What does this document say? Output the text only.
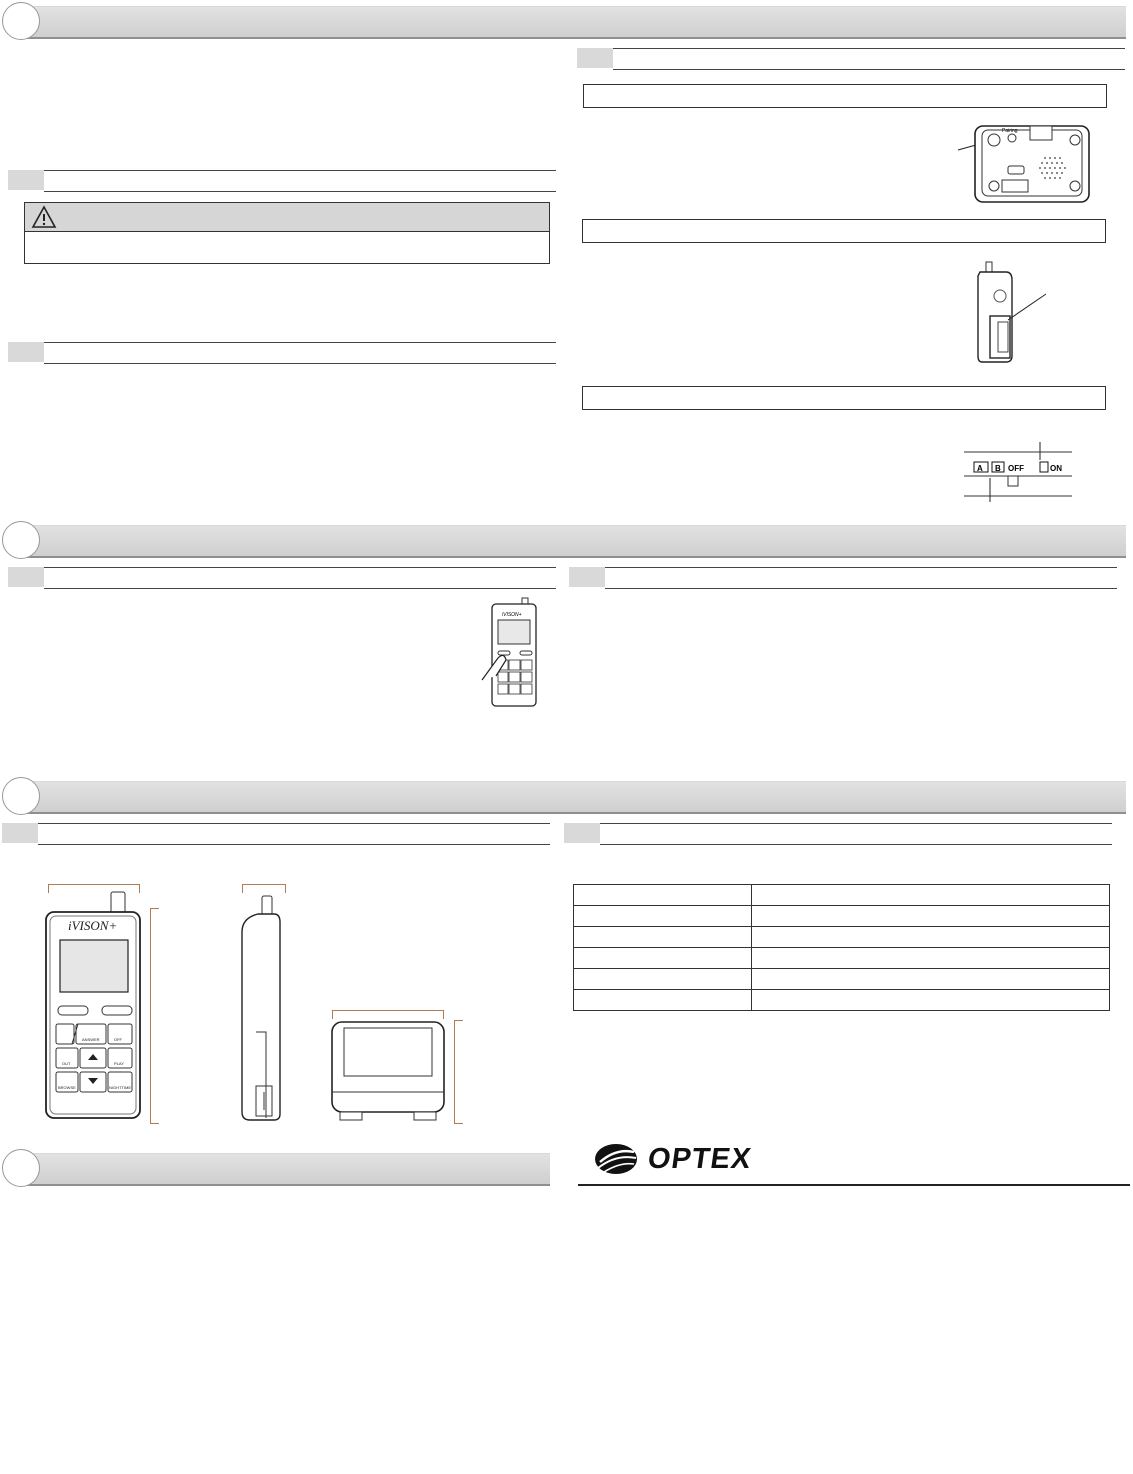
Pairing
A B OFF	ON
iVISON+
iVISON+
ANSWER	OFF
OUT	PLAY
BROWSE	NIGHTTIME

OPTEX
